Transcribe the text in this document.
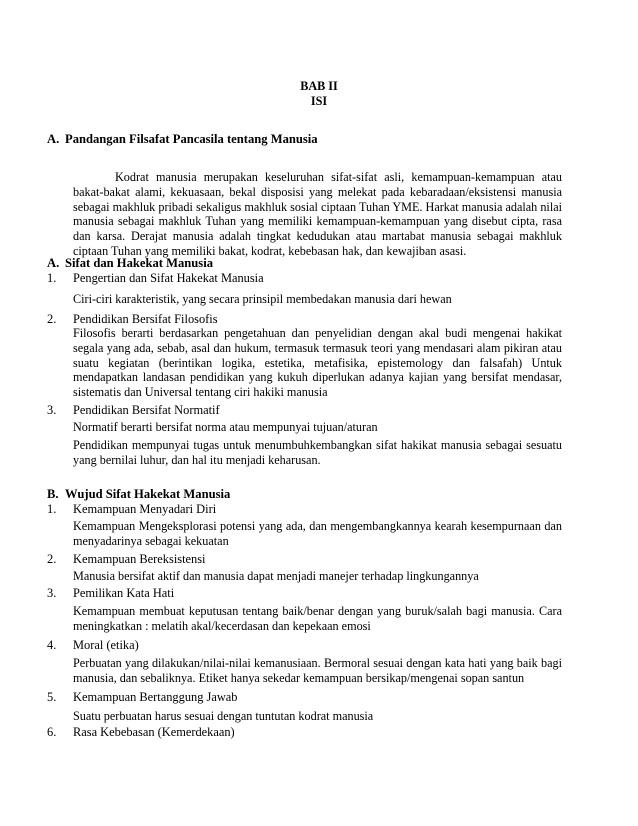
BAB II
ISI
A. Pandangan Filsafat Pancasila tentang Manusia
Kodrat manusia merupakan keseluruhan sifat-sifat asli, kemampuan-kemampuan atau bakat-bakat alami, kekuasaan, bekal disposisi yang melekat pada kebaradaan/eksistensi manusia sebagai makhluk pribadi sekaligus makhluk sosial ciptaan Tuhan YME. Harkat manusia adalah nilai manusia sebagai makhluk Tuhan yang memiliki kemampuan-kemampuan yang disebut cipta, rasa dan karsa. Derajat manusia adalah tingkat kedudukan atau martabat manusia sebagai makhluk ciptaan Tuhan yang memiliki bakat, kodrat, kebebasan hak, dan kewajiban asasi.
A. Sifat dan Hakekat Manusia
1. Pengertian dan Sifat Hakekat Manusia
Ciri-ciri karakteristik, yang secara prinsipil membedakan manusia dari hewan
2. Pendidikan Bersifat Filosofis
Filosofis berarti berdasarkan pengetahuan dan penyelidian dengan akal budi mengenai hakikat segala yang ada, sebab, asal dan hukum, termasuk termasuk teori yang mendasari alam pikiran atau suatu kegiatan (berintikan logika, estetika, metafisika, epistemology dan falsafah) Untuk mendapatkan landasan pendidikan yang kukuh diperlukan adanya kajian yang bersifat mendasar, sistematis dan Universal tentang ciri hakiki manusia
3. Pendidikan Bersifat Normatif
Normatif berarti bersifat norma atau mempunyai tujuan/aturan
Pendidikan mempunyai tugas untuk menumbuhkembangkan sifat hakikat manusia sebagai sesuatu yang bernilai luhur, dan hal itu menjadi keharusan.
B. Wujud Sifat Hakekat Manusia
1. Kemampuan Menyadari Diri
Kemampuan Mengeksplorasi potensi yang ada, dan mengembangkannya kearah kesempurnaan dan menyadarinya sebagai kekuatan
2. Kemampuan Bereksistensi
Manusia bersifat aktif dan manusia dapat menjadi manejer terhadap lingkungannya
3. Pemilikan Kata Hati
Kemampuan membuat keputusan tentang baik/benar dengan yang buruk/salah bagi manusia. Cara meningkatkan : melatih akal/kecerdasan dan kepekaan emosi
4. Moral (etika)
Perbuatan yang dilakukan/nilai-nilai kemanusiaan. Bermoral sesuai dengan kata hati yang baik bagi manusia, dan sebaliknya. Etiket hanya sekedar kemampuan bersikap/mengenai sopan santun
5. Kemampuan Bertanggung Jawab
Suatu perbuatan harus sesuai dengan tuntutan kodrat manusia
6. Rasa Kebebasan (Kemerdekaan)
